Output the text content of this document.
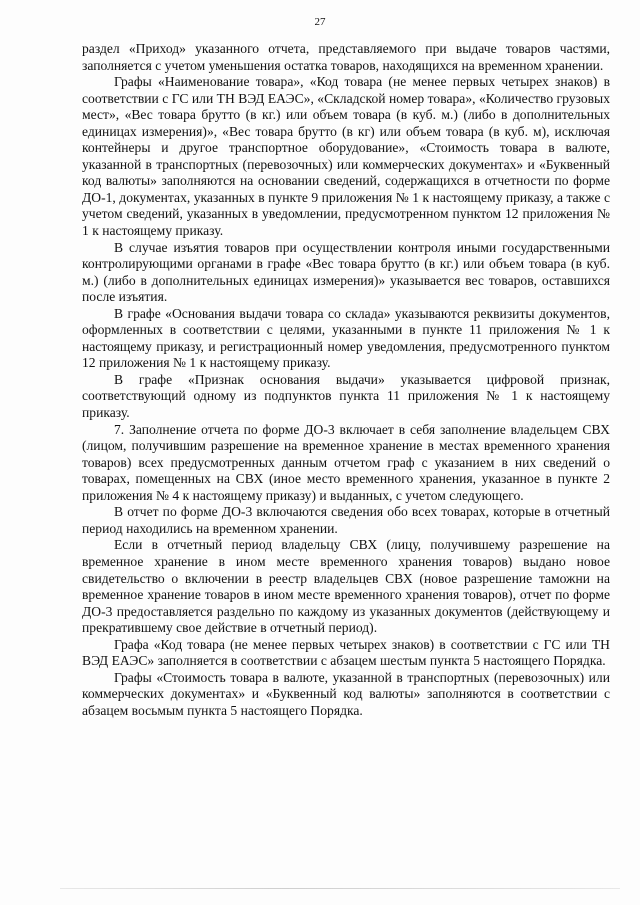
27

раздел «Приход» указанного отчета, представляемого при выдаче товаров частями, заполняется с учетом уменьшения остатка товаров, находящихся на временном хранении.

Графы «Наименование товара», «Код товара (не менее первых четырех знаков) в соответствии с ГС или ТН ВЭД ЕАЭС», «Складской номер товара», «Количество грузовых мест», «Вес товара брутто (в кг.) или объем товара (в куб. м.) (либо в дополнительных единицах измерения)», «Вес товара брутто (в кг) или объем товара (в куб. м), исключая контейнеры и другое транспортное оборудование», «Стоимость товара в валюте, указанной в транспортных (перевозочных) или коммерческих документах» и «Буквенный код валюты» заполняются на основании сведений, содержащихся в отчетности по форме ДО-1, документах, указанных в пункте 9 приложения № 1 к настоящему приказу, а также с учетом сведений, указанных в уведомлении, предусмотренном пунктом 12 приложения № 1 к настоящему приказу.

В случае изъятия товаров при осуществлении контроля иными государственными контролирующими органами в графе «Вес товара брутто (в кг.) или объем товара (в куб. м.) (либо в дополнительных единицах измерения)» указывается вес товаров, оставшихся после изъятия.

В графе «Основания выдачи товара со склада» указываются реквизиты документов, оформленных в соответствии с целями, указанными в пункте 11 приложения № 1 к настоящему приказу, и регистрационный номер уведомления, предусмотренного пунктом 12 приложения № 1 к настоящему приказу.

В графе «Признак основания выдачи» указывается цифровой признак, соответствующий одному из подпунктов пункта 11 приложения № 1 к настоящему приказу.

7. Заполнение отчета по форме ДО-3 включает в себя заполнение владельцем СВХ (лицом, получившим разрешение на временное хранение в местах временного хранения товаров) всех предусмотренных данным отчетом граф с указанием в них сведений о товарах, помещенных на СВХ (иное место временного хранения, указанное в пункте 2 приложения № 4 к настоящему приказу) и выданных, с учетом следующего.

В отчет по форме ДО-3 включаются сведения обо всех товарах, которые в отчетный период находились на временном хранении.

Если в отчетный период владельцу СВХ (лицу, получившему разрешение на временное хранение в ином месте временного хранения товаров) выдано новое свидетельство о включении в реестр владельцев СВХ (новое разрешение таможни на временное хранение товаров в ином месте временного хранения товаров), отчет по форме ДО-3 предоставляется раздельно по каждому из указанных документов (действующему и прекратившему свое действие в отчетный период).

Графа «Код товара (не менее первых четырех знаков) в соответствии с ГС или ТН ВЭД ЕАЭС» заполняется в соответствии с абзацем шестым пункта 5 настоящего Порядка.

Графы «Стоимость товара в валюте, указанной в транспортных (перевозочных) или коммерческих документах» и «Буквенный код валюты» заполняются в соответствии с абзацем восьмым пункта 5 настоящего Порядка.
